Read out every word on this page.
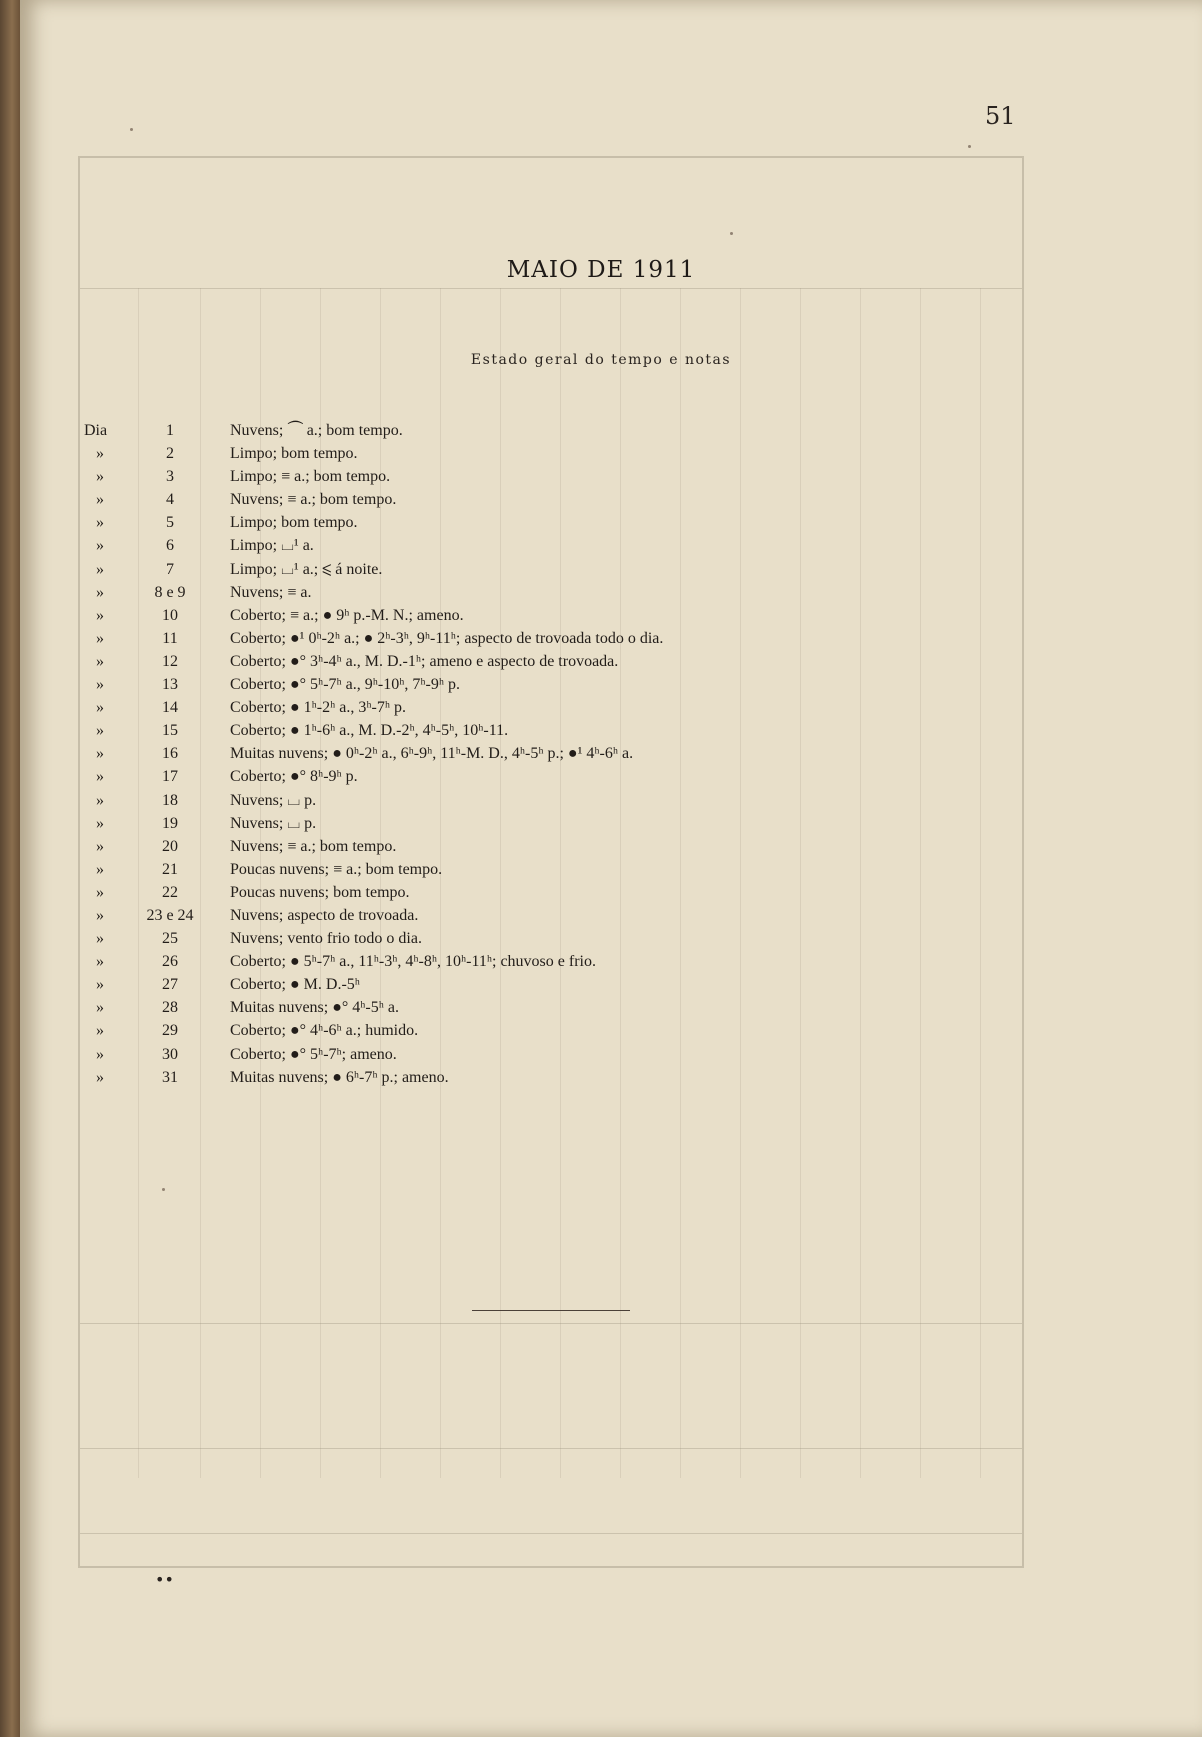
51
MAIO DE 1911
Estado geral do tempo e notas
Dia	1	Nuvens; ⏜ a.; bom tempo.
»	2	Limpo; bom tempo.
»	3	Limpo; ≡ a.; bom tempo.
»	4	Nuvens; ≡ a.; bom tempo.
»	5	Limpo; bom tempo.
»	6	Limpo; ⌴¹ a.
»	7	Limpo; ⌴¹ a.; ⩽ á noite.
»	8 e 9	Nuvens; ≡ a.
»	10	Coberto; ≡ a.; ● 9ʰ p.-M. N.; ameno.
»	11	Coberto; ●¹ 0ʰ-2ʰ a.; ● 2ʰ-3ʰ, 9ʰ-11ʰ; aspecto de trovoada todo o dia.
»	12	Coberto; ●° 3ʰ-4ʰ a., M. D.-1ʰ; ameno e aspecto de trovoada.
»	13	Coberto; ●° 5ʰ-7ʰ a., 9ʰ-10ʰ, 7ʰ-9ʰ p.
»	14	Coberto; ● 1ʰ-2ʰ a., 3ʰ-7ʰ p.
»	15	Coberto; ● 1ʰ-6ʰ a., M. D.-2ʰ, 4ʰ-5ʰ, 10ʰ-11.
»	16	Muitas nuvens; ● 0ʰ-2ʰ a., 6ʰ-9ʰ, 11ʰ-M. D., 4ʰ-5ʰ p.; ●¹ 4ʰ-6ʰ a.
»	17	Coberto; ●° 8ʰ-9ʰ p.
»	18	Nuvens; ⌴ p.
»	19	Nuvens; ⌴ p.
»	20	Nuvens; ≡ a.; bom tempo.
»	21	Poucas nuvens; ≡ a.; bom tempo.
»	22	Poucas nuvens; bom tempo.
»	23 e 24	Nuvens; aspecto de trovoada.
»	25	Nuvens; vento frio todo o dia.
»	26	Coberto; ● 5ʰ-7ʰ a., 11ʰ-3ʰ, 4ʰ-8ʰ, 10ʰ-11ʰ; chuvoso e frio.
»	27	Coberto; ● M. D.-5ʰ
»	28	Muitas nuvens; ●° 4ʰ-5ʰ a.
»	29	Coberto; ●° 4ʰ-6ʰ a.; humido.
»	30	Coberto; ●° 5ʰ-7ʰ; ameno.
»	31	Muitas nuvens; ● 6ʰ-7ʰ p.; ameno.
••
